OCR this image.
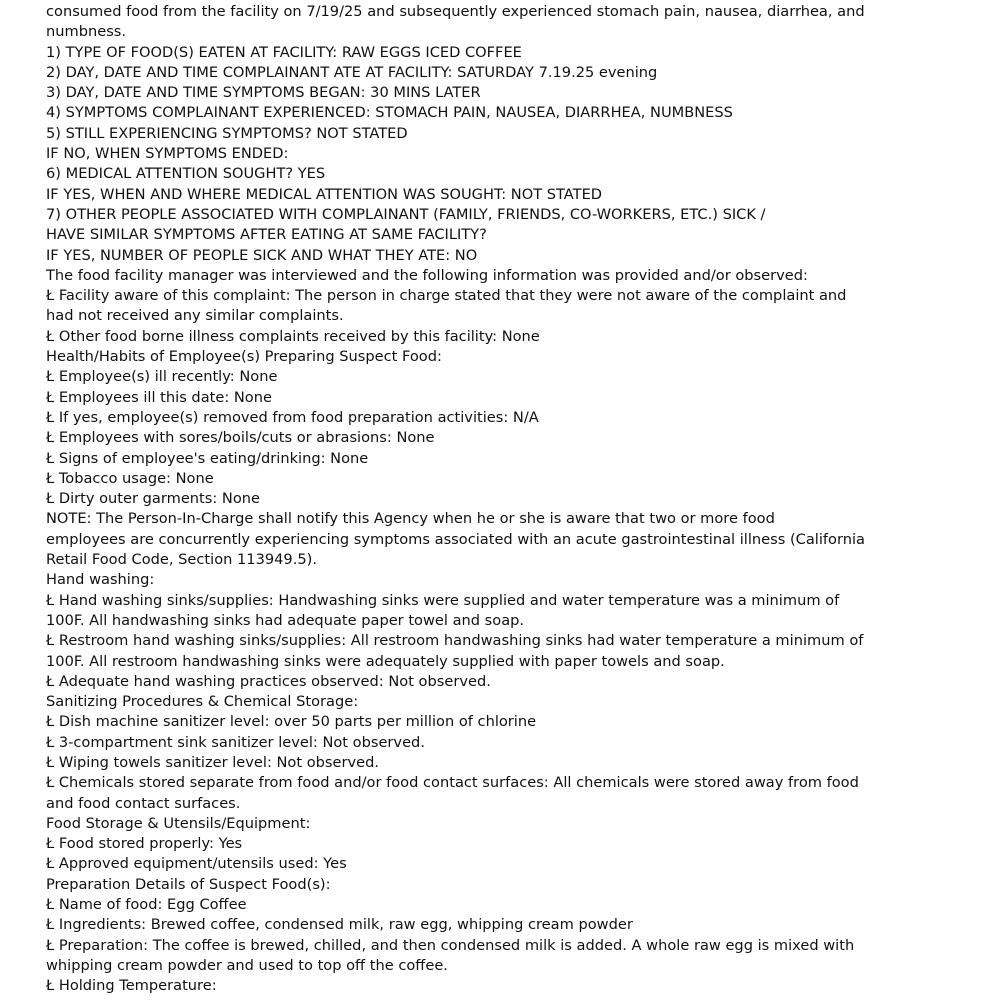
consumed food from the facility on 7/19/25 and subsequently experienced stomach pain, nausea, diarrhea, and

numbness.

1) TYPE OF FOOD(S) EATEN AT FACILITY: RAW EGGS ICED COFFEE

2) DAY, DATE AND TIME COMPLAINANT ATE AT FACILITY: SATURDAY 7.19.25 evening

3) DAY, DATE AND TIME SYMPTOMS BEGAN: 30 MINS LATER

4) SYMPTOMS COMPLAINANT EXPERIENCED: STOMACH PAIN, NAUSEA, DIARRHEA, NUMBNESS

5) STILL EXPERIENCING SYMPTOMS? NOT STATED

IF NO, WHEN SYMPTOMS ENDED:

6) MEDICAL ATTENTION SOUGHT? YES

IF YES, WHEN AND WHERE MEDICAL ATTENTION WAS SOUGHT: NOT STATED

7) OTHER PEOPLE ASSOCIATED WITH COMPLAINANT (FAMILY, FRIENDS, CO-WORKERS, ETC.) SICK /

HAVE SIMILAR SYMPTOMS AFTER EATING AT SAME FACILITY?

IF YES, NUMBER OF PEOPLE SICK AND WHAT THEY ATE: NO

The food facility manager was interviewed and the following information was provided and/or observed:

Ł Facility aware of this complaint: The person in charge stated that they were not aware of the complaint and

had not received any similar complaints.

Ł Other food borne illness complaints received by this facility: None

Health/Habits of Employee(s) Preparing Suspect Food:

Ł Employee(s) ill recently: None

Ł Employees ill this date: None

Ł If yes, employee(s) removed from food preparation activities: N/A

Ł Employees with sores/boils/cuts or abrasions: None

Ł Signs of employee's eating/drinking: None

Ł Tobacco usage: None

Ł Dirty outer garments: None

NOTE: The Person-In-Charge shall notify this Agency when he or she is aware that two or more food

employees are concurrently experiencing symptoms associated with an acute gastrointestinal illness (California

Retail Food Code, Section 113949.5).

Hand washing:

Ł Hand washing sinks/supplies: Handwashing sinks were supplied and water temperature was a minimum of

100F. All handwashing sinks had adequate paper towel and soap.

Ł Restroom hand washing sinks/supplies: All restroom handwashing sinks had water temperature a minimum of

100F. All restroom handwashing sinks were adequately supplied with paper towels and soap.

Ł Adequate hand washing practices observed: Not observed.

Sanitizing Procedures & Chemical Storage:

Ł Dish machine sanitizer level: over 50 parts per million of chlorine

Ł 3-compartment sink sanitizer level: Not observed.

Ł Wiping towels sanitizer level: Not observed.

Ł Chemicals stored separate from food and/or food contact surfaces: All chemicals were stored away from food

and food contact surfaces.

Food Storage & Utensils/Equipment:

Ł Food stored properly: Yes

Ł Approved equipment/utensils used: Yes

Preparation Details of Suspect Food(s):

Ł Name of food: Egg Coffee

Ł Ingredients: Brewed coffee, condensed milk, raw egg, whipping cream powder

Ł Preparation: The coffee is brewed, chilled, and then condensed milk is added. A whole raw egg is mixed with

whipping cream powder and used to top off the coffee.

Ł Holding Temperature:
